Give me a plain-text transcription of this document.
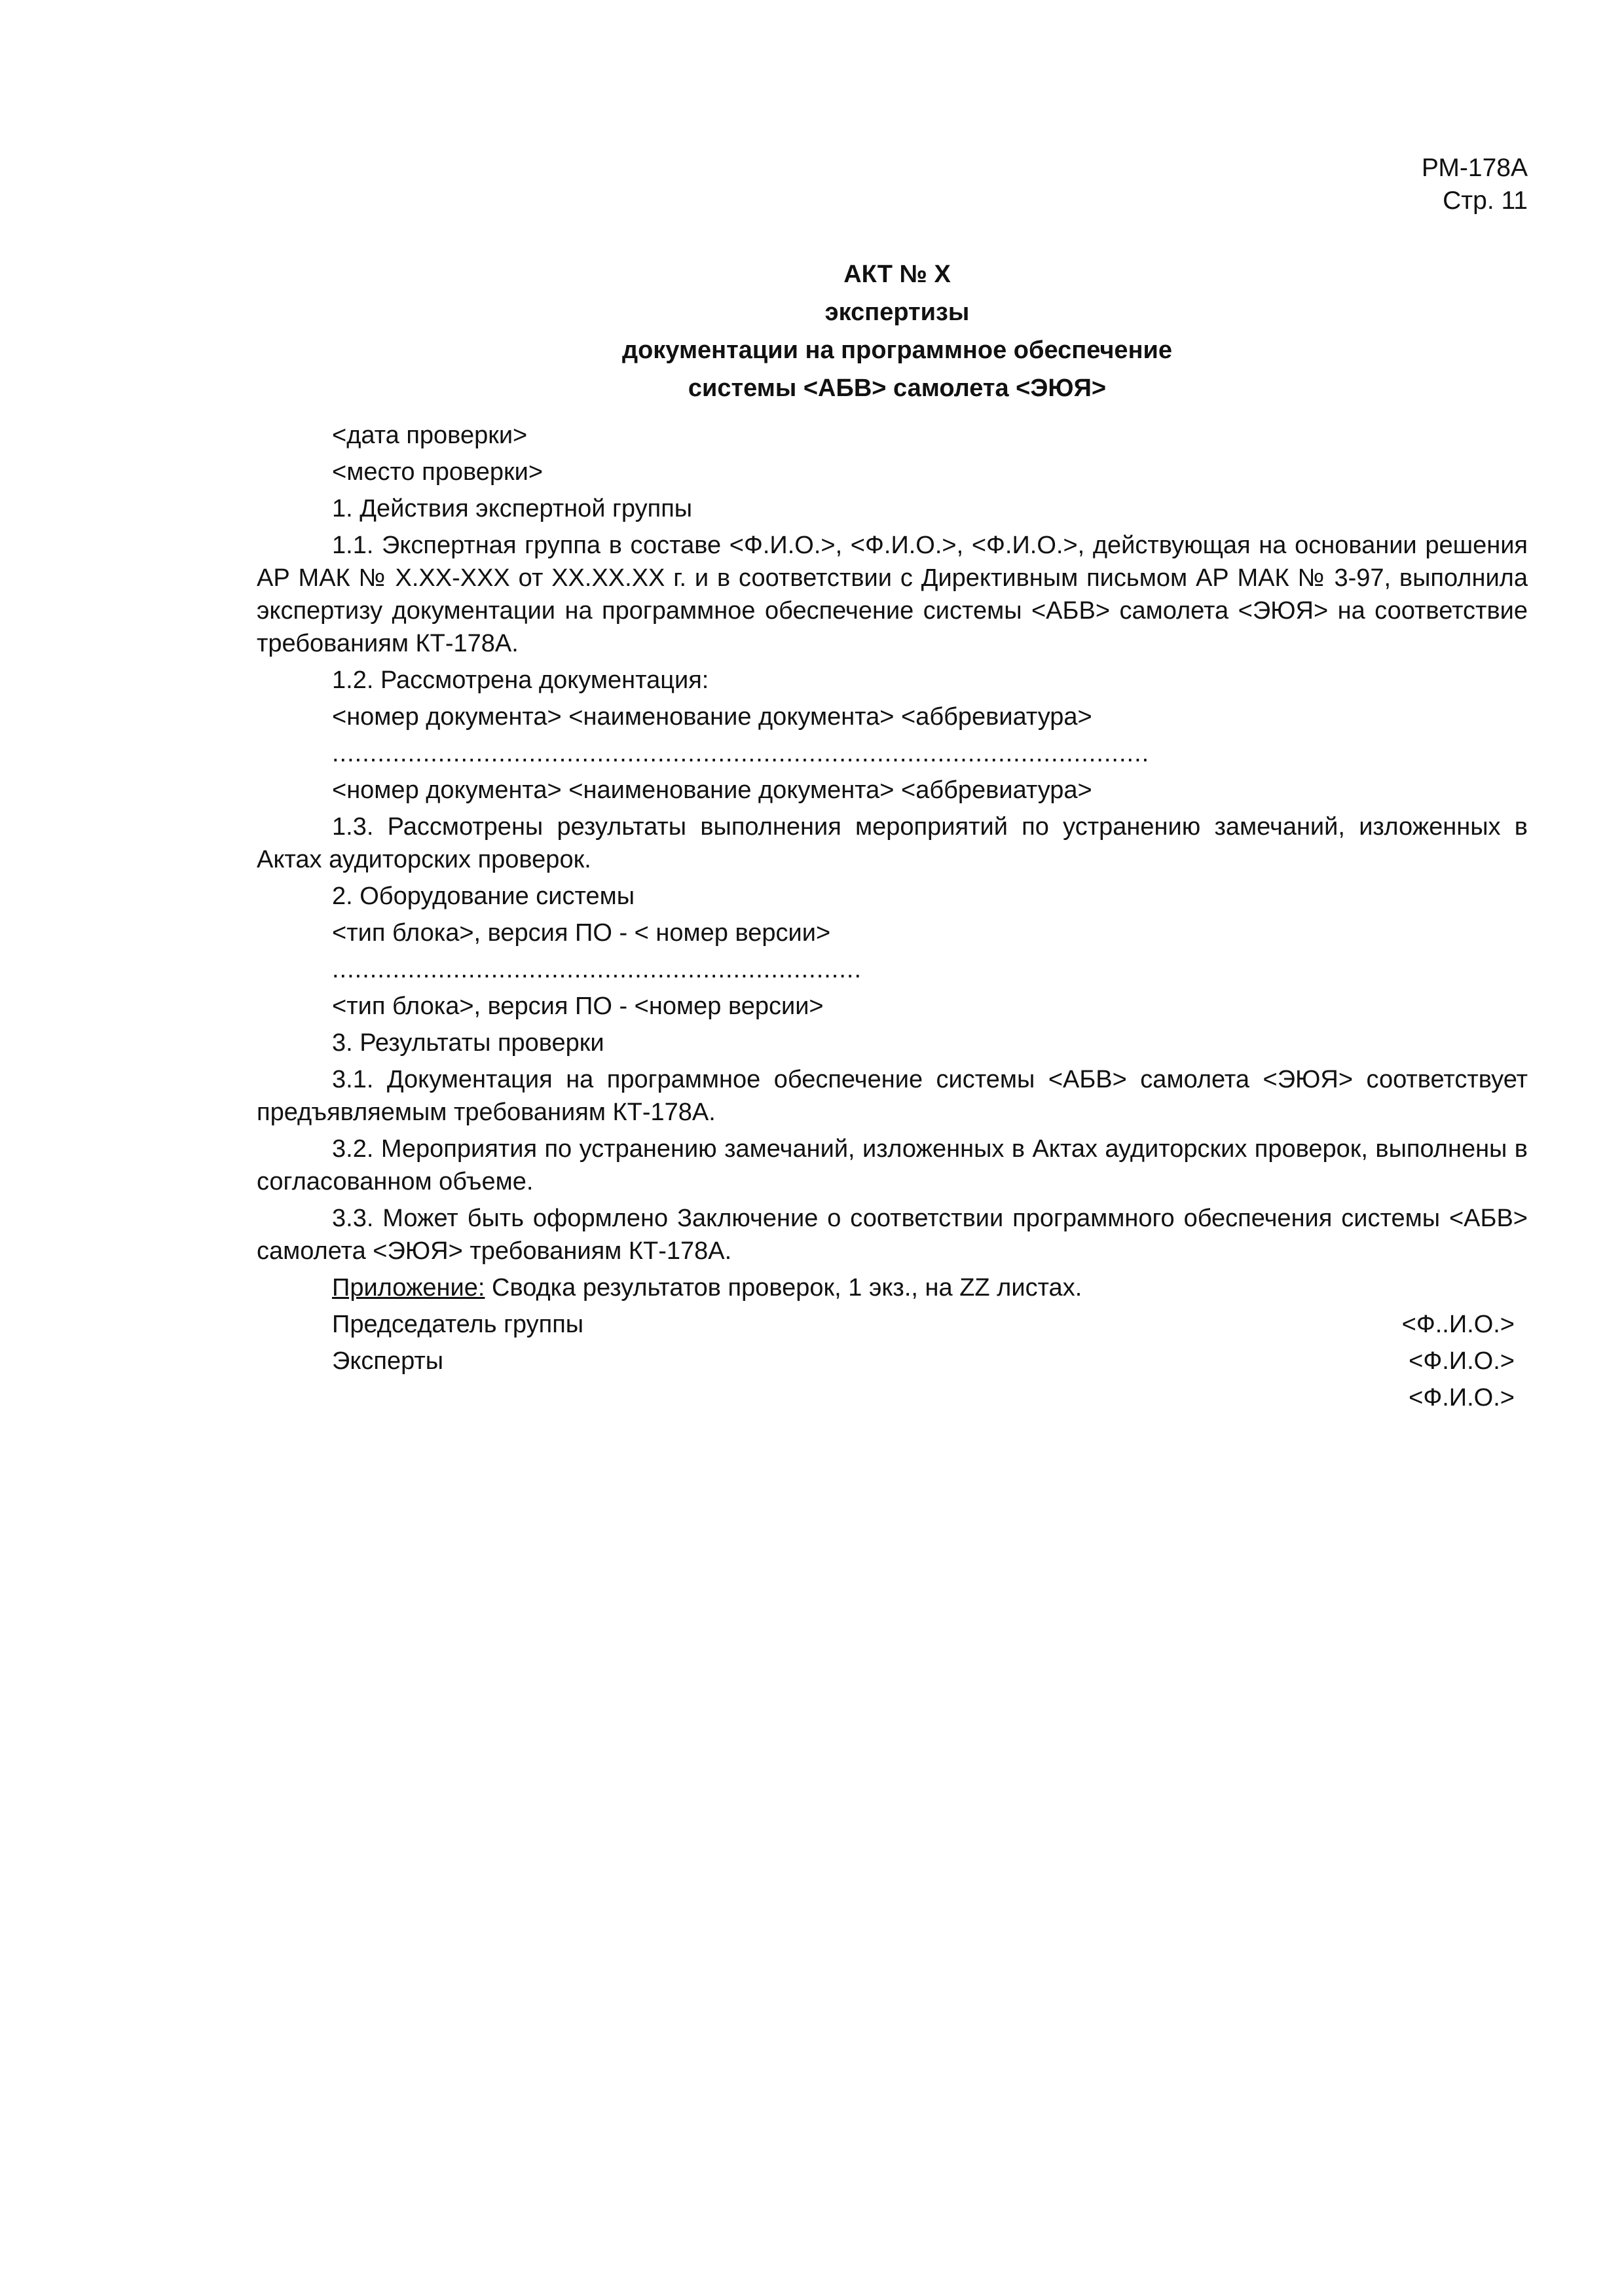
РМ-178А
Стр. 11
АКТ № Х
экспертизы
документации на программное обеспечение
системы <АБВ> самолета <ЭЮЯ>
<дата проверки>
<место проверки>
1. Действия экспертной группы

1.1. Экспертная группа в составе <Ф.И.О.>, <Ф.И.О.>, <Ф.И.О.>, действующая на основании решения АР МАК № Х.ХХ-ХХХ от ХХ.ХХ.ХХ г. и в соответствии с Директивным письмом АР МАК № 3-97, выполнила экспертизу документации на программное обеспечение системы <АБВ> самолета <ЭЮЯ> на соответствие требованиям КТ-178А.

1.2. Рассмотрена документация:
<номер документа> <наименование документа> <аббревиатура>
............................................................................................................
<номер документа> <наименование документа> <аббревиатура>

1.3. Рассмотрены результаты выполнения мероприятий по устранению замечаний, изложенных в Актах аудиторских проверок.

2. Оборудование системы
<тип блока>, версия ПО - < номер версии>
......................................................................
<тип блока>, версия ПО - <номер версии>
3. Результаты проверки

3.1. Документация на программное обеспечение системы <АБВ> самолета <ЭЮЯ> соответствует предъявляемым требованиям КТ-178А.

3.2. Мероприятия по устранению замечаний, изложенных в Актах аудиторских проверок, выполнены в согласованном объеме.

3.3. Может быть оформлено Заключение о соответствии программного обеспечения системы <АБВ> самолета <ЭЮЯ> требованиям КТ-178А.

Приложение: Сводка результатов проверок, 1 экз., на ZZ листах.
Председатель группы	<Ф..И.О.>
Эксперты	<Ф.И.О.>
<Ф.И.О.>
